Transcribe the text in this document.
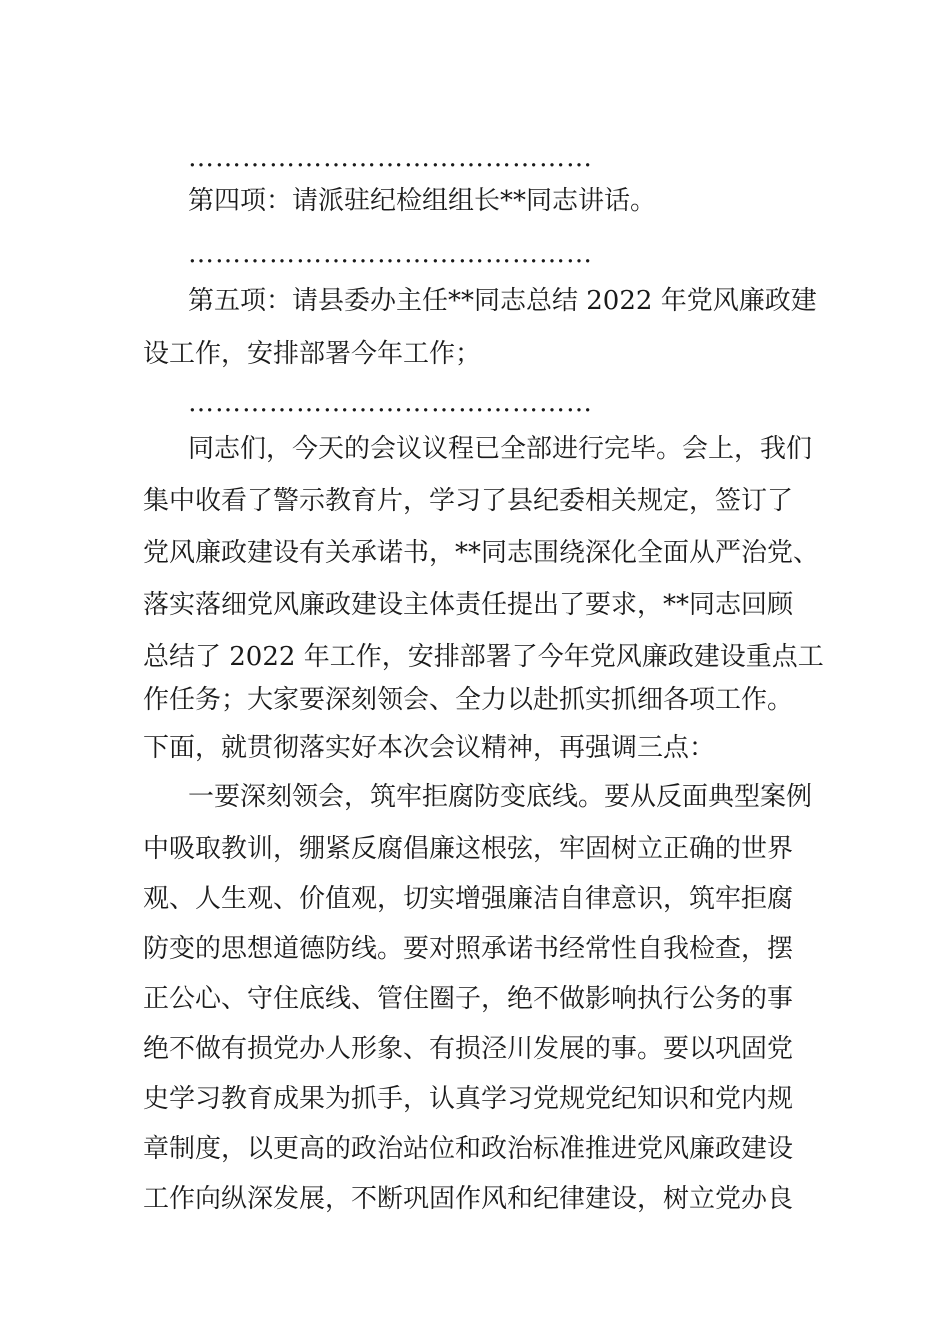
………………………………………

第四项：请派驻纪检组组长**同志讲话。

………………………………………

第五项：请县委办主任**同志总结 2022 年党风廉政建

设工作，安排部署今年工作；

………………………………………

同志们，今天的会议议程已全部进行完毕。会上，我们

集中收看了警示教育片，学习了县纪委相关规定，签订了

党风廉政建设有关承诺书，**同志围绕深化全面从严治党、

落实落细党风廉政建设主体责任提出了要求，**同志回顾

总结了 2022 年工作，安排部署了今年党风廉政建设重点工

作任务；大家要深刻领会、全力以赴抓实抓细各项工作。

下面，就贯彻落实好本次会议精神，再强调三点：

一要深刻领会，筑牢拒腐防变底线。要从反面典型案例

中吸取教训，绷紧反腐倡廉这根弦，牢固树立正确的世界

观、人生观、价值观，切实增强廉洁自律意识，筑牢拒腐

防变的思想道德防线。要对照承诺书经常性自我检查，摆

正公心、守住底线、管住圈子，绝不做影响执行公务的事

绝不做有损党办人形象、有损泾川发展的事。要以巩固党

史学习教育成果为抓手，认真学习党规党纪知识和党内规

章制度，以更高的政治站位和政治标准推进党风廉政建设

工作向纵深发展，不断巩固作风和纪律建设，树立党办良
